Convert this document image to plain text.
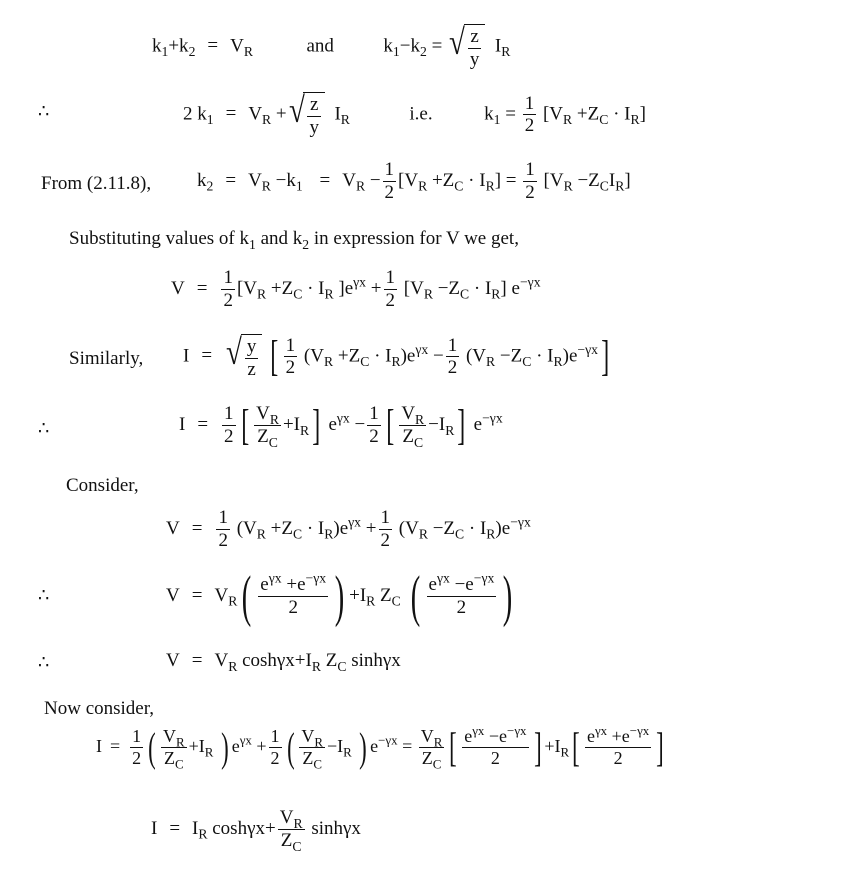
$k_1+k_2 = V_R$	and  $k_1-k_2$ = √ $\frac{z}{y} I_R$
∴	2 $k_1 = V_R$ + √ $\frac{z}{y} I_R$	i.e.  $k_1 = \frac{1}{2} [V_R +Z_C \cdot I_R]$
From (2.11.8), $k_2 = V_R -k_1 = V_R - \frac{1}{2} [V_R +Z_C \cdot I_R] = \frac{1}{2} [V_R -Z_CI_R]$
Substituting values of $k_1$ and $k_2$ in expression for V we get,
$V = \frac{1}{2} [V_R +Z_C \cdot I_R$ ]$e^{\gamma x} + \frac{1}{2} [V_R -Z_C \cdot I_R]$ $e^{-\gamma x}$
Similarly, I = √ $\frac{y}{z}$ [ $\frac{1}{2} (V_R +Z_C \cdot I_R)e^{\gamma x} - \frac{1}{2} (V_R -Z_C \cdot I_R)e^{-\gamma x}$]
∴	$I = \frac{1}{2}$ [ $\frac{V_R}{Z_C} +I_R$] $e^{\gamma x} - \frac{1}{2}$ [ $\frac{V_R}{Z_C} -I_R$] $e^{-\gamma x}$
Consider,
$V = \frac{1}{2} (V_R +Z_C \cdot I_R)e^{\gamma x} + \frac{1}{2} (V_R -Z_C \cdot I_R)e^{-\gamma x}$
∴	$V = V_R( \frac{e^{\gamma x} +e^{-\gamma x}}{2}$ ) $+I_R$ $Z_C$ ( $\frac{e^{\gamma x} -e^{-\gamma x}}{2}$ )
∴	$V = V_R$ $\cosh\gamma x+I_R$ $Z_C$ sinhγx
Now consider,
$I = \frac{1}{2}$ ( $\frac{V_R}{Z_C} +I_R$ ) $e^{\gamma x} + \frac{1}{2}$ ( $\frac{V_R}{Z_C} -I_R$ ) $e^{-\gamma x} = \frac{V_R}{Z_C}$ [ $\frac{e^{\gamma x} -e^{-\gamma x}}{2}$ ] $+I_R[ \frac{e^{\gamma x} +e^{-\gamma x}}{2}$ ]
$I = I_R$ $\cosh\gamma x+ \frac{V_R}{Z_C}$ sinhγx
